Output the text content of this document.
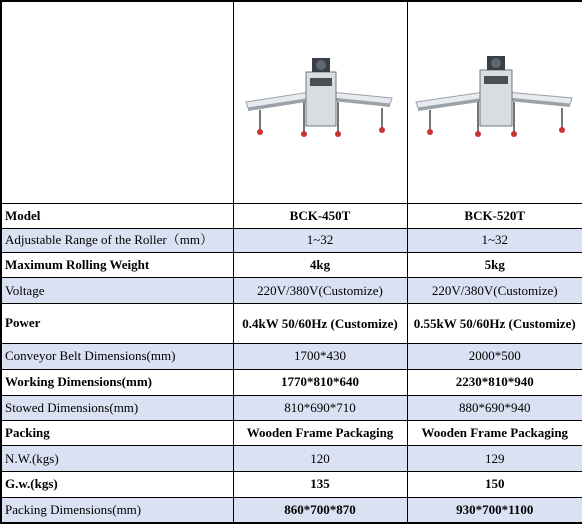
Model	BCK-450T	BCK-520T
Adjustable Range of the Roller（mm）	1~32	1~32
Maximum Rolling Weight	4kg	5kg
Voltage	220V/380V(Customize)	220V/380V(Customize)
Power	0.4kW 50/60Hz (Customize)	0.55kW 50/60Hz (Customize)
Conveyor Belt Dimensions(mm)	1700*430	2000*500
Working Dimensions(mm)	1770*810*640	2230*810*940
Stowed Dimensions(mm)	810*690*710	880*690*940
Packing	Wooden Frame Packaging	Wooden Frame Packaging
N.W.(kgs)	120	129
G.w.(kgs)	135	150
Packing Dimensions(mm)	860*700*870	930*700*1100
